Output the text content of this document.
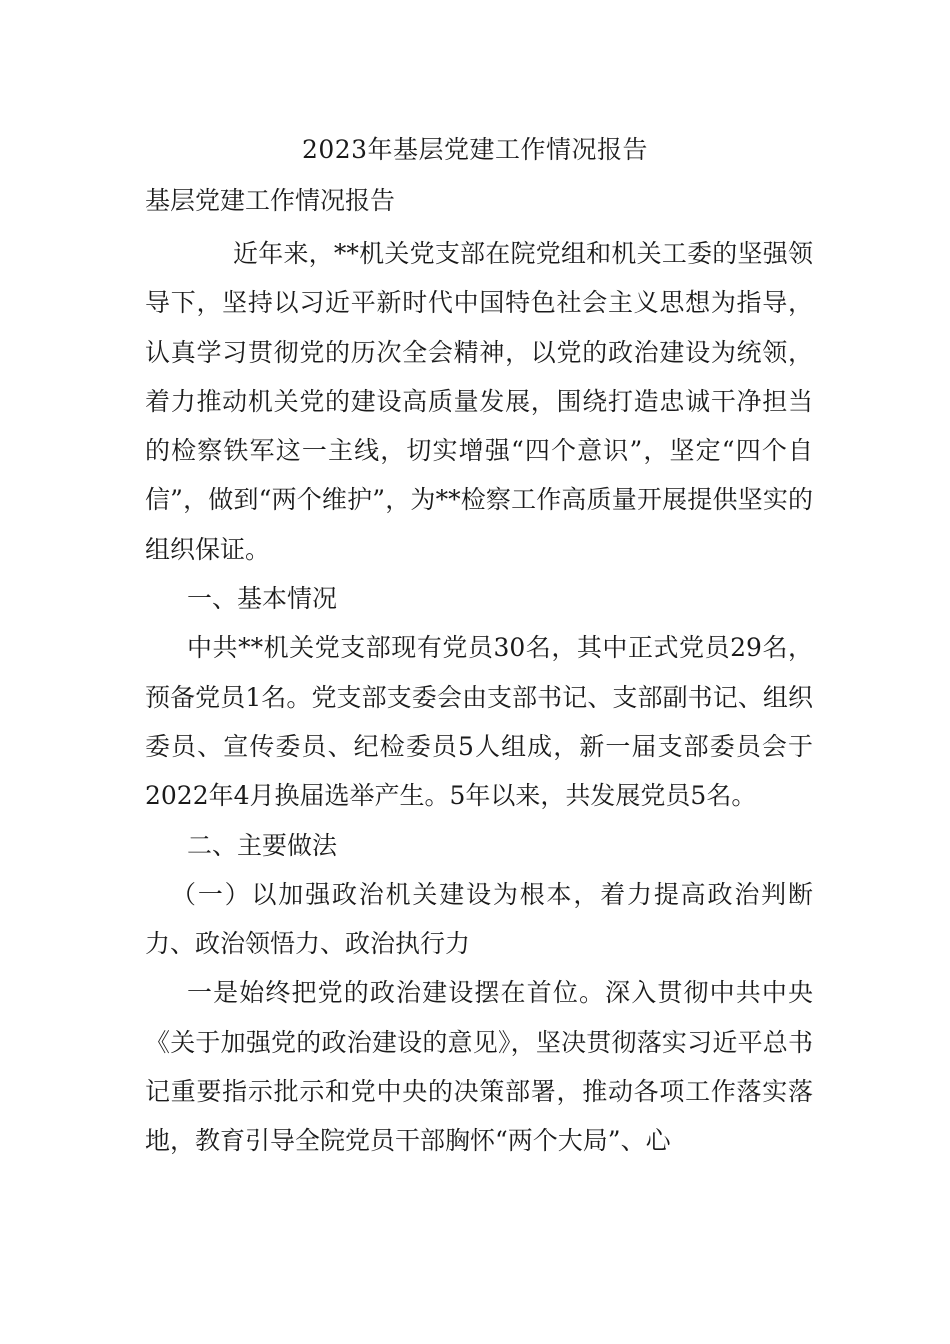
2023年基层党建工作情况报告
基层党建工作情况报告

近年来，**机关党支部在院党组和机关工委的坚强领导下，坚持以习近平新时代中国特色社会主义思想为指导，认真学习贯彻党的历次全会精神，以党的政治建设为统领，着力推动机关党的建设高质量发展，围绕打造忠诚干净担当的检察铁军这一主线，切实增强“四个意识”，坚定“四个自信”，做到“两个维护”，为**检察工作高质量开展提供坚实的组织保证。

一、基本情况

中共**机关党支部现有党员30名，其中正式党员29名，预备党员1名。党支部支委会由支部书记、支部副书记、组织委员、宣传委员、纪检委员5人组成，新一届支部委员会于2022年4月换届选举产生。5年以来，共发展党员5名。

二、主要做法

（一）以加强政治机关建设为根本，着力提高政治判断力、政治领悟力、政治执行力

一是始终把党的政治建设摆在首位。深入贯彻中共中央《关于加强党的政治建设的意见》，坚决贯彻落实习近平总书记重要指示批示和党中央的决策部署，推动各项工作落实落地，教育引导全院党员干部胸怀“两个大局”、心
